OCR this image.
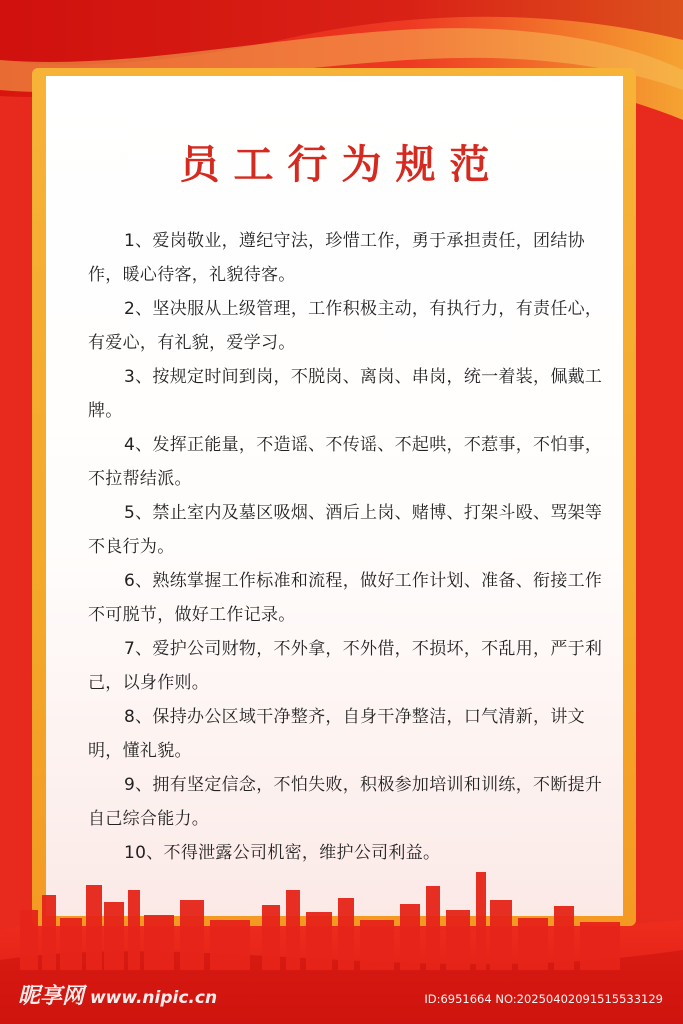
员工行为规范
1、爱岗敬业，遵纪守法，珍惜工作，勇于承担责任，团结协作，暖心待客，礼貌待客。
2、坚决服从上级管理，工作积极主动，有执行力，有责任心，有爱心，有礼貌，爱学习。
3、按规定时间到岗，不脱岗、离岗、串岗，统一着装，佩戴工牌。
4、发挥正能量，不造谣、不传谣、不起哄，不惹事，不怕事，不拉帮结派。
5、禁止室内及墓区吸烟、酒后上岗、赌博、打架斗殴、骂架等不良行为。
6、熟练掌握工作标准和流程，做好工作计划、准备、衔接工作不可脱节，做好工作记录。
7、爱护公司财物，不外拿，不外借，不损坏，不乱用，严于利己，以身作则。
8、保持办公区域干净整齐，自身干净整洁，口气清新，讲文明，懂礼貌。
9、拥有坚定信念，不怕失败，积极参加培训和训练，不断提升自己综合能力。
10、不得泄露公司机密，维护公司利益。
昵享网 www.nipic.cn	ID:6951664 NO:20250402091515533129
